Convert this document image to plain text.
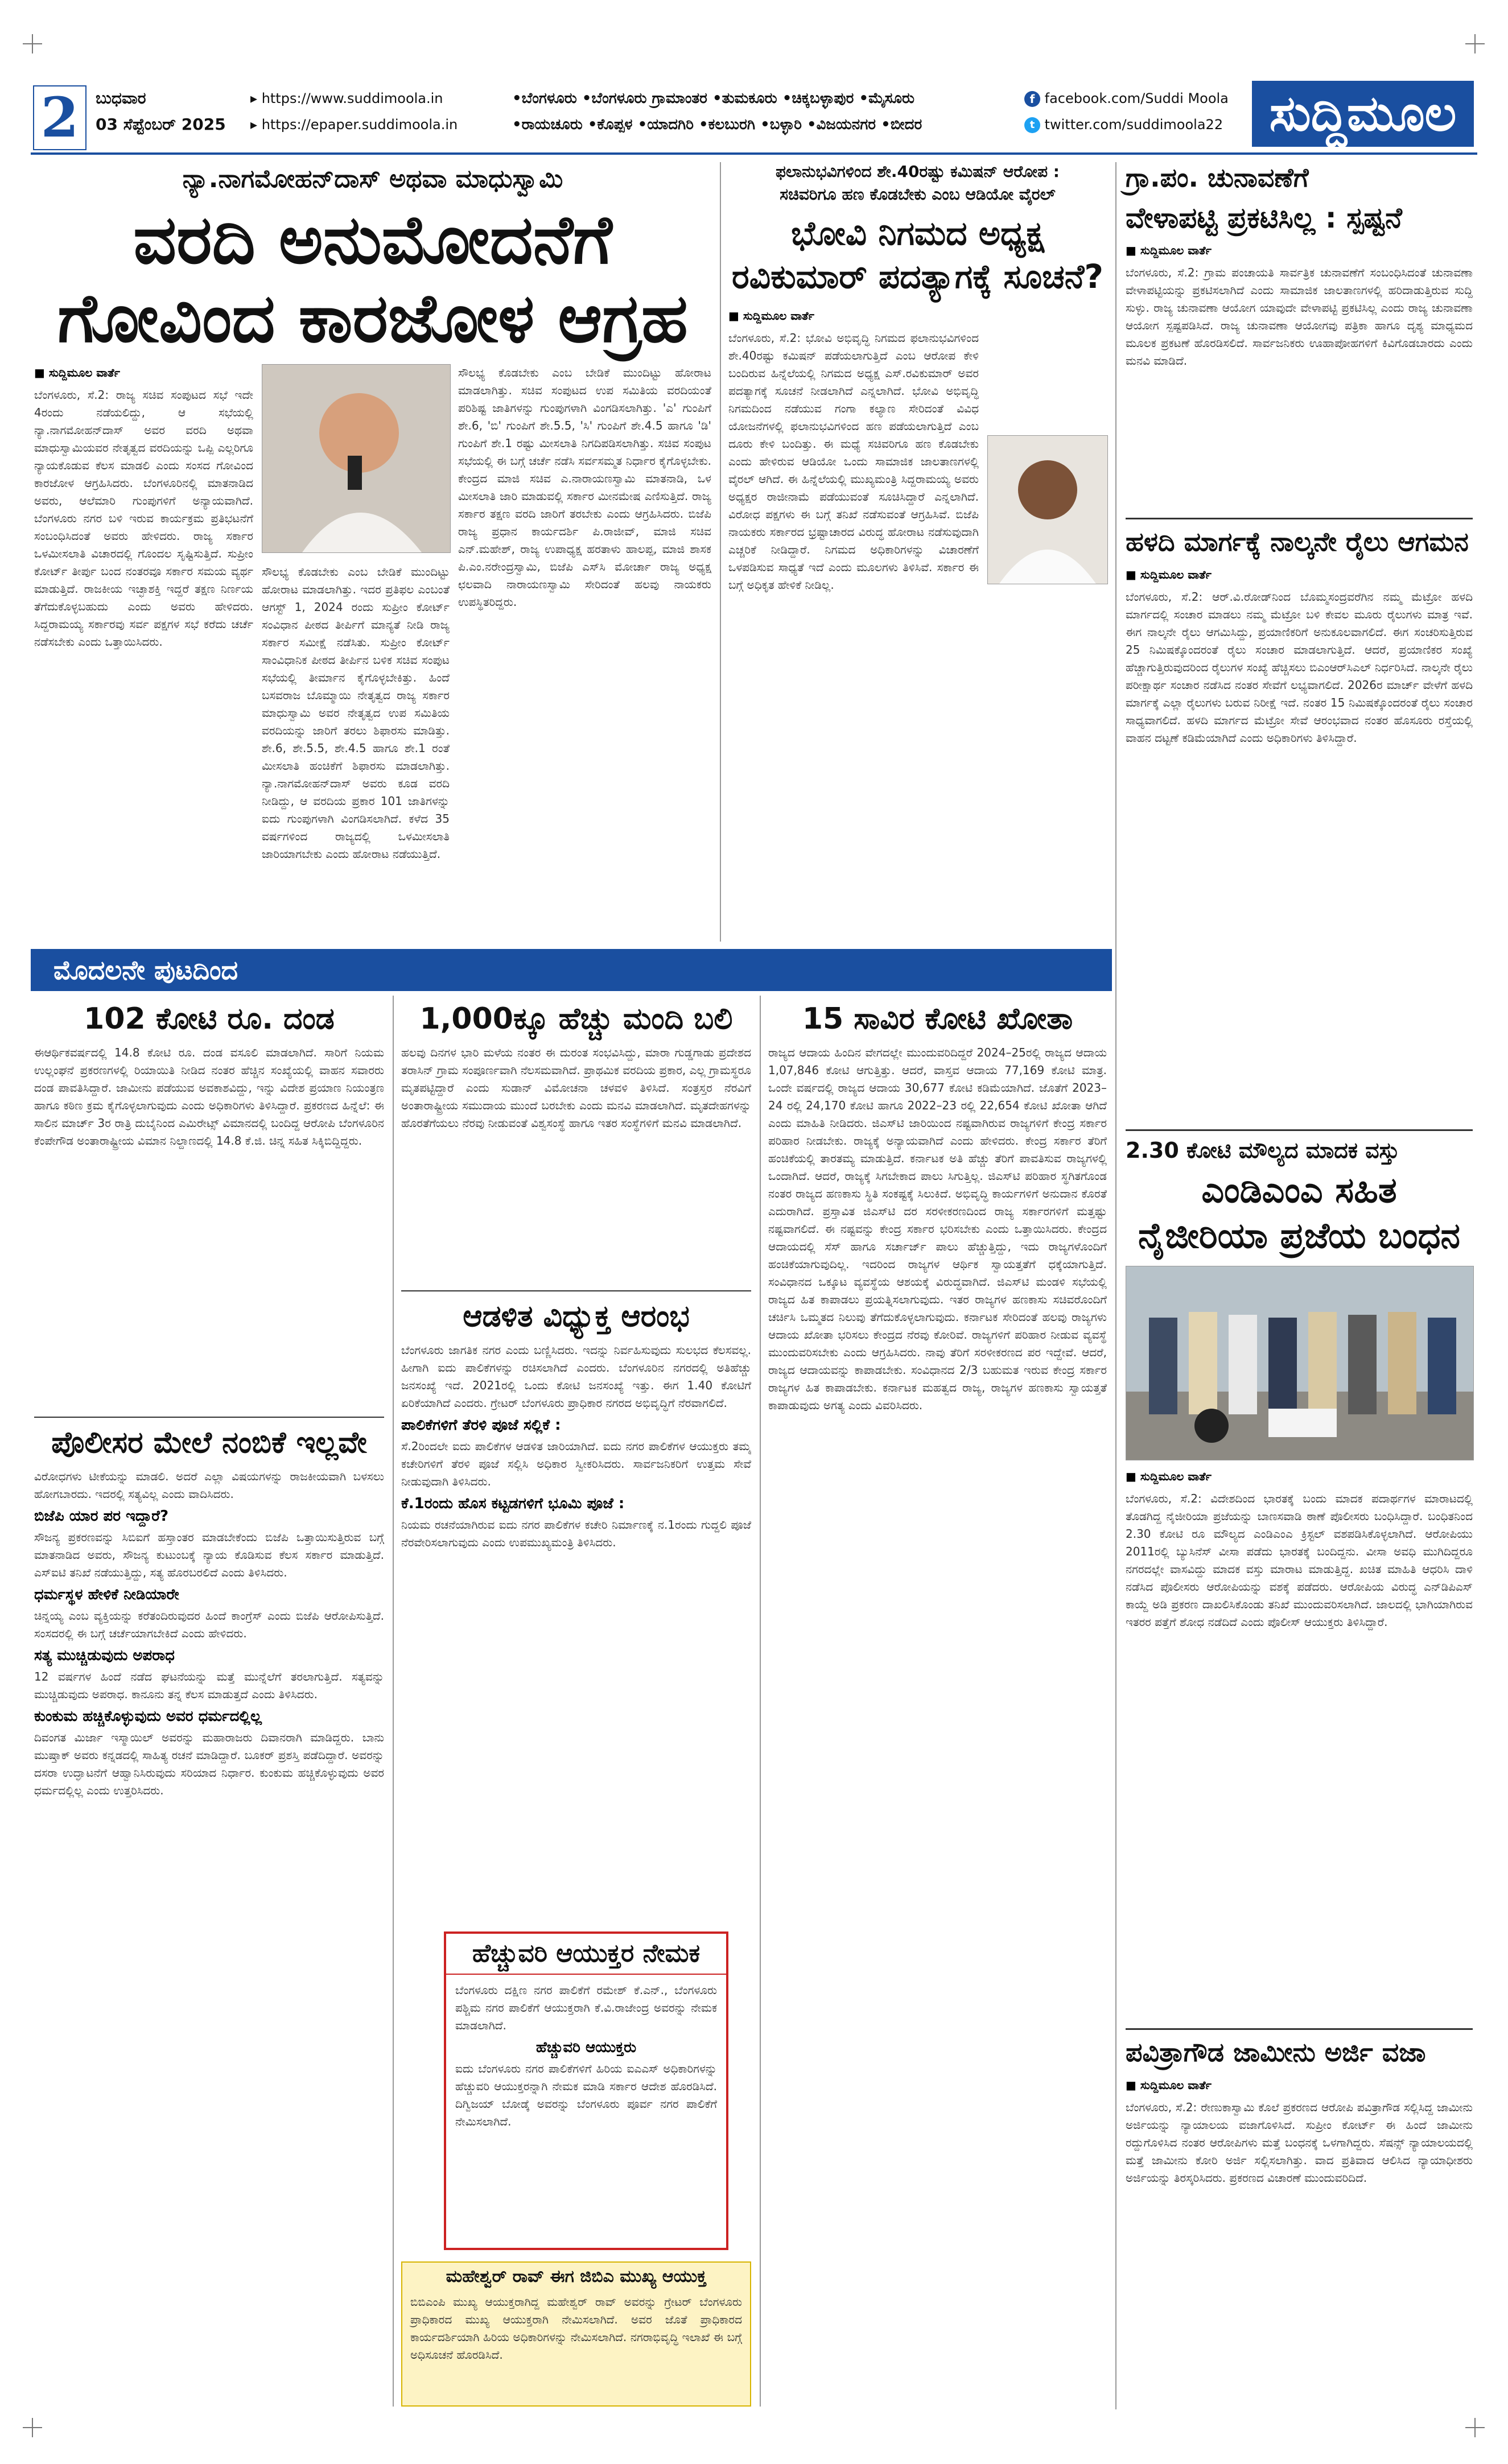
2	ಬುಧವಾರ
03 ಸೆಪ್ಟೆಂಬರ್ 2025
▸ https://www.suddimoola.in
▸ https://epaper.suddimoola.in
•ಬೆಂಗಳೂರು •ಬೆಂಗಳೂರು ಗ್ರಾಮಾಂತರ •ತುಮಕೂರು •ಚಿಕ್ಕಬಳ್ಳಾಪುರ •ಮೈಸೂರು
•ರಾಯಚೂರು •ಕೊಪ್ಪಳ •ಯಾದಗಿರಿ •ಕಲಬುರಗಿ •ಬಳ್ಳಾರಿ •ವಿಜಯನಗರ •ಬೀದರ
f facebook.com/Suddi Moola
t twitter.com/suddimoola22 ಸುದ್ದಿಮೂಲ
ನ್ಯಾ.ನಾಗಮೋಹನ್‌ದಾಸ್ ಅಥವಾ ಮಾಧುಸ್ವಾಮಿ
ವರದಿ ಅನುಮೋದನೆಗೆ
ಗೋವಿಂದ ಕಾರಜೋಳ ಆಗ್ರಹ

■ ಸುದ್ದಿಮೂಲ ವಾರ್ತೆ

ಬೆಂಗಳೂರು, ಸೆ.2: ರಾಜ್ಯ ಸಚಿವ ಸಂಪುಟದ ಸಭೆ ಇದೇ 4ರಂದು ನಡೆಯಲಿದ್ದು, ಆ ಸಭೆಯಲ್ಲಿ ನ್ಯಾ.ನಾಗಮೋಹನ್‌ದಾಸ್ ಅವರ ವರದಿ ಅಥವಾ ಮಾಧುಸ್ವಾಮಿಯವರ ನೇತೃತ್ವದ ವರದಿಯನ್ನು ಒಪ್ಪಿ ಎಲ್ಲರಿಗೂ ನ್ಯಾಯಕೊಡುವ ಕೆಲಸ ಮಾಡಲಿ ಎಂದು ಸಂಸದ ಗೋವಿಂದ ಕಾರಜೋಳ ಆಗ್ರಹಿಸಿದರು. ಬೆಂಗಳೂರಿನಲ್ಲಿ ಮಾತನಾಡಿದ ಅವರು, ಆಲೆಮಾರಿ ಗುಂಪುಗಳಿಗೆ ಅನ್ಯಾಯವಾಗಿದೆ. ಬೆಂಗಳೂರು ನಗರ ಬಳಿ ಇರುವ ಕಾರ್ಯಕ್ರಮ ಪ್ರತಿಭಟನೆಗೆ ಸಂಬಂಧಿಸಿದಂತೆ ಅವರು ಹೇಳಿದರು. ರಾಜ್ಯ ಸರ್ಕಾರ ಒಳಮೀಸಲಾತಿ ವಿಚಾರದಲ್ಲಿ ಗೊಂದಲ ಸೃಷ್ಟಿಸುತ್ತಿದೆ. ಸುಪ್ರೀಂ ಕೋರ್ಟ್ ತೀರ್ಪು ಬಂದ ನಂತರವೂ ಸರ್ಕಾರ ಸಮಯ ವ್ಯರ್ಥ ಮಾಡುತ್ತಿದೆ. ರಾಜಕೀಯ ಇಚ್ಛಾಶಕ್ತಿ ಇದ್ದರೆ ತಕ್ಷಣ ನಿರ್ಣಯ ತೆಗೆದುಕೊಳ್ಳಬಹುದು ಎಂದು ಅವರು ಹೇಳಿದರು. ಸಿದ್ದರಾಮಯ್ಯ ಸರ್ಕಾರವು ಸರ್ವ ಪಕ್ಷಗಳ ಸಭೆ ಕರೆದು ಚರ್ಚೆ ನಡೆಸಬೇಕು ಎಂದು ಒತ್ತಾಯಿಸಿದರು.

ಸೌಲಭ್ಯ ಕೊಡಬೇಕು ಎಂಬ ಬೇಡಿಕೆ ಮುಂದಿಟ್ಟು ಹೋರಾಟ ಮಾಡಲಾಗಿತ್ತು. ಇದರ ಪ್ರತಿಫಲ ಎಂಬಂತೆ ಆಗಸ್ಟ್ 1, 2024 ರಂದು ಸುಪ್ರೀಂ ಕೋರ್ಟ್ ಸಂವಿಧಾನ ಪೀಠದ ತೀರ್ಪಿಗೆ ಮಾನ್ಯತೆ ನೀಡಿ ರಾಜ್ಯ ಸರ್ಕಾರ ಸಮೀಕ್ಷೆ ನಡೆಸಿತು. ಸುಪ್ರೀಂ ಕೋರ್ಟ್ ಸಾಂವಿಧಾನಿಕ ಪೀಠದ ತೀರ್ಪಿನ ಬಳಿಕ ಸಚಿವ ಸಂಪುಟ ಸಭೆಯಲ್ಲಿ ತೀರ್ಮಾನ ಕೈಗೊಳ್ಳಬೇಕಿತ್ತು. ಹಿಂದೆ ಬಸವರಾಜ ಬೊಮ್ಮಾಯಿ ನೇತೃತ್ವದ ರಾಜ್ಯ ಸರ್ಕಾರ ಮಾಧುಸ್ವಾಮಿ ಅವರ ನೇತೃತ್ವದ ಉಪ ಸಮಿತಿಯ ವರದಿಯನ್ನು ಜಾರಿಗೆ ತರಲು ಶಿಫಾರಸು ಮಾಡಿತ್ತು. ಶೇ.6, ಶೇ.5.5, ಶೇ.4.5 ಹಾಗೂ ಶೇ.1 ರಂತೆ ಮೀಸಲಾತಿ ಹಂಚಿಕೆಗೆ ಶಿಫಾರಸು ಮಾಡಲಾಗಿತ್ತು. ನ್ಯಾ.ನಾಗಮೋಹನ್‌ದಾಸ್ ಅವರು ಕೂಡ ವರದಿ ನೀಡಿದ್ದು, ಆ ವರದಿಯ ಪ್ರಕಾರ 101 ಜಾತಿಗಳನ್ನು ಐದು ಗುಂಪುಗಳಾಗಿ ವಿಂಗಡಿಸಲಾಗಿದೆ. ಕಳೆದ 35 ವರ್ಷಗಳಿಂದ ರಾಜ್ಯದಲ್ಲಿ ಒಳಮೀಸಲಾತಿ ಜಾರಿಯಾಗಬೇಕು ಎಂದು ಹೋರಾಟ ನಡೆಯುತ್ತಿದೆ.

ಸೌಲಭ್ಯ ಕೊಡಬೇಕು ಎಂಬ ಬೇಡಿಕೆ ಮುಂದಿಟ್ಟು ಹೋರಾಟ ಮಾಡಲಾಗಿತ್ತು. ಸಚಿವ ಸಂಪುಟದ ಉಪ ಸಮಿತಿಯ ವರದಿಯಂತೆ ಪರಿಶಿಷ್ಟ ಜಾತಿಗಳನ್ನು ಗುಂಪುಗಳಾಗಿ ವಿಂಗಡಿಸಲಾಗಿತ್ತು. 'ಎ' ಗುಂಪಿಗೆ ಶೇ.6, 'ಬಿ' ಗುಂಪಿಗೆ ಶೇ.5.5, 'ಸಿ' ಗುಂಪಿಗೆ ಶೇ.4.5 ಹಾಗೂ 'ಡಿ' ಗುಂಪಿಗೆ ಶೇ.1 ರಷ್ಟು ಮೀಸಲಾತಿ ನಿಗದಿಪಡಿಸಲಾಗಿತ್ತು. ಸಚಿವ ಸಂಪುಟ ಸಭೆಯಲ್ಲಿ ಈ ಬಗ್ಗೆ ಚರ್ಚೆ ನಡೆಸಿ ಸರ್ವಸಮ್ಮತ ನಿರ್ಧಾರ ಕೈಗೊಳ್ಳಬೇಕು. ಕೇಂದ್ರದ ಮಾಜಿ ಸಚಿವ ಎ.ನಾರಾಯಣಸ್ವಾಮಿ ಮಾತನಾಡಿ, ಒಳ ಮೀಸಲಾತಿ ಜಾರಿ ಮಾಡುವಲ್ಲಿ ಸರ್ಕಾರ ಮೀನಮೇಷ ಎಣಿಸುತ್ತಿದೆ. ರಾಜ್ಯ ಸರ್ಕಾರ ತಕ್ಷಣ ವರದಿ ಜಾರಿಗೆ ತರಬೇಕು ಎಂದು ಆಗ್ರಹಿಸಿದರು. ಬಿಜೆಪಿ ರಾಜ್ಯ ಪ್ರಧಾನ ಕಾರ್ಯದರ್ಶಿ ಪಿ.ರಾಜೀವ್, ಮಾಜಿ ಸಚಿವ ಎನ್.ಮಹೇಶ್, ರಾಜ್ಯ ಉಪಾಧ್ಯಕ್ಷ ಹರತಾಳು ಹಾಲಪ್ಪ, ಮಾಜಿ ಶಾಸಕ ಪಿ.ಎಂ.ನರೇಂದ್ರಸ್ವಾಮಿ, ಬಿಜೆಪಿ ಎಸ್‌ಸಿ ಮೋರ್ಚಾ ರಾಜ್ಯ ಅಧ್ಯಕ್ಷ ಛಲವಾದಿ ನಾರಾಯಣಸ್ವಾಮಿ ಸೇರಿದಂತೆ ಹಲವು ನಾಯಕರು ಉಪಸ್ಥಿತರಿದ್ದರು.

ಫಲಾನುಭವಿಗಳಿಂದ ಶೇ.40ರಷ್ಟು ಕಮಿಷನ್ ಆರೋಪ :
ಸಚಿವರಿಗೂ ಹಣ ಕೊಡಬೇಕು ಎಂಬ ಆಡಿಯೋ ವೈರಲ್
ಭೋವಿ ನಿಗಮದ ಅಧ್ಯಕ್ಷ
ರವಿಕುಮಾರ್ ಪದತ್ಯಾಗಕ್ಕೆ ಸೂಚನೆ?

■ ಸುದ್ದಿಮೂಲ ವಾರ್ತೆ

ಬೆಂಗಳೂರು, ಸೆ.2: ಭೋವಿ ಅಭಿವೃದ್ಧಿ ನಿಗಮದ ಫಲಾನುಭವಿಗಳಿಂದ ಶೇ.40ರಷ್ಟು ಕಮಿಷನ್ ಪಡೆಯಲಾಗುತ್ತಿದೆ ಎಂಬ ಆರೋಪ ಕೇಳಿ ಬಂದಿರುವ ಹಿನ್ನೆಲೆಯಲ್ಲಿ ನಿಗಮದ ಅಧ್ಯಕ್ಷ ಎಸ್.ರವಿಕುಮಾರ್ ಅವರ ಪದತ್ಯಾಗಕ್ಕೆ ಸೂಚನೆ ನೀಡಲಾಗಿದೆ ಎನ್ನಲಾಗಿದೆ. ಭೋವಿ ಅಭಿವೃದ್ಧಿ ನಿಗಮದಿಂದ ನಡೆಯುವ ಗಂಗಾ ಕಲ್ಯಾಣ ಸೇರಿದಂತೆ ವಿವಿಧ ಯೋಜನೆಗಳಲ್ಲಿ ಫಲಾನುಭವಿಗಳಿಂದ ಹಣ ಪಡೆಯಲಾಗುತ್ತಿದೆ ಎಂಬ ದೂರು ಕೇಳಿ ಬಂದಿತ್ತು. ಈ ಮಧ್ಯೆ ಸಚಿವರಿಗೂ ಹಣ ಕೊಡಬೇಕು ಎಂದು ಹೇಳಿರುವ ಆಡಿಯೋ ಒಂದು ಸಾಮಾಜಿಕ ಜಾಲತಾಣಗಳಲ್ಲಿ ವೈರಲ್ ಆಗಿದೆ. ಈ ಹಿನ್ನೆಲೆಯಲ್ಲಿ ಮುಖ್ಯಮಂತ್ರಿ ಸಿದ್ದರಾಮಯ್ಯ ಅವರು ಅಧ್ಯಕ್ಷರ ರಾಜೀನಾಮೆ ಪಡೆಯುವಂತೆ ಸೂಚಿಸಿದ್ದಾರೆ ಎನ್ನಲಾಗಿದೆ. ವಿರೋಧ ಪಕ್ಷಗಳು ಈ ಬಗ್ಗೆ ತನಿಖೆ ನಡೆಸುವಂತೆ ಆಗ್ರಹಿಸಿವೆ. ಬಿಜೆಪಿ ನಾಯಕರು ಸರ್ಕಾರದ ಭ್ರಷ್ಟಾಚಾರದ ವಿರುದ್ಧ ಹೋರಾಟ ನಡೆಸುವುದಾಗಿ ಎಚ್ಚರಿಕೆ ನೀಡಿದ್ದಾರೆ. ನಿಗಮದ ಅಧಿಕಾರಿಗಳನ್ನು ವಿಚಾರಣೆಗೆ ಒಳಪಡಿಸುವ ಸಾಧ್ಯತೆ ಇದೆ ಎಂದು ಮೂಲಗಳು ತಿಳಿಸಿವೆ. ಸರ್ಕಾರ ಈ ಬಗ್ಗೆ ಅಧಿಕೃತ ಹೇಳಿಕೆ ನೀಡಿಲ್ಲ.

ಗ್ರಾ.ಪಂ. ಚುನಾವಣೆಗೆ
ವೇಳಾಪಟ್ಟಿ ಪ್ರಕಟಿಸಿಲ್ಲ : ಸ್ಪಷ್ಟನೆ

■ ಸುದ್ದಿಮೂಲ ವಾರ್ತೆ

ಬೆಂಗಳೂರು, ಸೆ.2: ಗ್ರಾಮ ಪಂಚಾಯತಿ ಸಾರ್ವತ್ರಿಕ ಚುನಾವಣೆಗೆ ಸಂಬಂಧಿಸಿದಂತೆ ಚುನಾವಣಾ ವೇಳಾಪಟ್ಟಿಯನ್ನು ಪ್ರಕಟಿಸಲಾಗಿದೆ ಎಂದು ಸಾಮಾಜಿಕ ಜಾಲತಾಣಗಳಲ್ಲಿ ಹರಿದಾಡುತ್ತಿರುವ ಸುದ್ದಿ ಸುಳ್ಳು. ರಾಜ್ಯ ಚುನಾವಣಾ ಆಯೋಗ ಯಾವುದೇ ವೇಳಾಪಟ್ಟಿ ಪ್ರಕಟಿಸಿಲ್ಲ ಎಂದು ರಾಜ್ಯ ಚುನಾವಣಾ ಆಯೋಗ ಸ್ಪಷ್ಟಪಡಿಸಿದೆ. ರಾಜ್ಯ ಚುನಾವಣಾ ಆಯೋಗವು ಪತ್ರಿಕಾ ಹಾಗೂ ದೃಶ್ಯ ಮಾಧ್ಯಮದ ಮೂಲಕ ಪ್ರಕಟಣೆ ಹೊರಡಿಸಲಿದೆ. ಸಾರ್ವಜನಿಕರು ಊಹಾಪೋಹಗಳಿಗೆ ಕಿವಿಗೊಡಬಾರದು ಎಂದು ಮನವಿ ಮಾಡಿದೆ.

ಹಳದಿ ಮಾರ್ಗಕ್ಕೆ ನಾಲ್ಕನೇ ರೈಲು ಆಗಮನ

■ ಸುದ್ದಿಮೂಲ ವಾರ್ತೆ

ಬೆಂಗಳೂರು, ಸೆ.2: ಆರ್.ವಿ.ರೋಡ್‌ನಿಂದ ಬೊಮ್ಮಸಂದ್ರವರೆಗಿನ ನಮ್ಮ ಮೆಟ್ರೋ ಹಳದಿ ಮಾರ್ಗದಲ್ಲಿ ಸಂಚಾರ ಮಾಡಲು ನಮ್ಮ ಮೆಟ್ರೋ ಬಳಿ ಕೇವಲ ಮೂರು ರೈಲುಗಳು ಮಾತ್ರ ಇವೆ. ಈಗ ನಾಲ್ಕನೇ ರೈಲು ಆಗಮಿಸಿದ್ದು, ಪ್ರಯಾಣಿಕರಿಗೆ ಅನುಕೂಲವಾಗಲಿದೆ. ಈಗ ಸಂಚರಿಸುತ್ತಿರುವ 25 ನಿಮಿಷಕ್ಕೊಂದರಂತೆ ರೈಲು ಸಂಚಾರ ಮಾಡಲಾಗುತ್ತಿದೆ. ಆದರೆ, ಪ್ರಯಾಣಿಕರ ಸಂಖ್ಯೆ ಹೆಚ್ಚಾಗುತ್ತಿರುವುದರಿಂದ ರೈಲುಗಳ ಸಂಖ್ಯೆ ಹೆಚ್ಚಿಸಲು ಬಿಎಂಆರ್‌ಸಿಎಲ್ ನಿರ್ಧರಿಸಿದೆ. ನಾಲ್ಕನೇ ರೈಲು ಪರೀಕ್ಷಾರ್ಥ ಸಂಚಾರ ನಡೆಸಿದ ನಂತರ ಸೇವೆಗೆ ಲಭ್ಯವಾಗಲಿದೆ. 2026ರ ಮಾರ್ಚ್ ವೇಳೆಗೆ ಹಳದಿ ಮಾರ್ಗಕ್ಕೆ ಎಲ್ಲಾ ರೈಲುಗಳು ಬರುವ ನಿರೀಕ್ಷೆ ಇದೆ. ನಂತರ 15 ನಿಮಿಷಕ್ಕೊಂದರಂತೆ ರೈಲು ಸಂಚಾರ ಸಾಧ್ಯವಾಗಲಿದೆ. ಹಳದಿ ಮಾರ್ಗದ ಮೆಟ್ರೋ ಸೇವೆ ಆರಂಭವಾದ ನಂತರ ಹೊಸೂರು ರಸ್ತೆಯಲ್ಲಿ ವಾಹನ ದಟ್ಟಣೆ ಕಡಿಮೆಯಾಗಿದೆ ಎಂದು ಅಧಿಕಾರಿಗಳು ತಿಳಿಸಿದ್ದಾರೆ.

2.30 ಕೋಟಿ ಮೌಲ್ಯದ ಮಾದಕ ವಸ್ತು
ಎಂಡಿಎಂಎ ಸಹಿತ
ನೈಜೀರಿಯಾ ಪ್ರಜೆಯ ಬಂಧನ

■ ಸುದ್ದಿಮೂಲ ವಾರ್ತೆ

ಬೆಂಗಳೂರು, ಸೆ.2: ವಿದೇಶದಿಂದ ಭಾರತಕ್ಕೆ ಬಂದು ಮಾದಕ ಪದಾರ್ಥಗಳ ಮಾರಾಟದಲ್ಲಿ ತೊಡಗಿದ್ದ ನೈಜೀರಿಯಾ ಪ್ರಜೆಯನ್ನು ಬಾಣಸವಾಡಿ ಠಾಣೆ ಪೊಲೀಸರು ಬಂಧಿಸಿದ್ದಾರೆ. ಬಂಧಿತನಿಂದ 2.30 ಕೋಟಿ ರೂ ಮೌಲ್ಯದ ಎಂಡಿಎಂಎ ಕ್ರಿಸ್ಟಲ್ ವಶಪಡಿಸಿಕೊಳ್ಳಲಾಗಿದೆ. ಆರೋಪಿಯು 2011ರಲ್ಲಿ ಬ್ಯುಸಿನೆಸ್ ವೀಸಾ ಪಡೆದು ಭಾರತಕ್ಕೆ ಬಂದಿದ್ದನು. ವೀಸಾ ಅವಧಿ ಮುಗಿದಿದ್ದರೂ ನಗರದಲ್ಲೇ ವಾಸವಿದ್ದು ಮಾದಕ ವಸ್ತು ಮಾರಾಟ ಮಾಡುತ್ತಿದ್ದ. ಖಚಿತ ಮಾಹಿತಿ ಆಧರಿಸಿ ದಾಳಿ ನಡೆಸಿದ ಪೊಲೀಸರು ಆರೋಪಿಯನ್ನು ವಶಕ್ಕೆ ಪಡೆದರು. ಆರೋಪಿಯ ವಿರುದ್ಧ ಎನ್‌ಡಿಪಿಎಸ್ ಕಾಯ್ದೆ ಅಡಿ ಪ್ರಕರಣ ದಾಖಲಿಸಿಕೊಂಡು ತನಿಖೆ ಮುಂದುವರಿಸಲಾಗಿದೆ. ಜಾಲದಲ್ಲಿ ಭಾಗಿಯಾಗಿರುವ ಇತರರ ಪತ್ತೆಗೆ ಶೋಧ ನಡೆದಿದೆ ಎಂದು ಪೊಲೀಸ್ ಆಯುಕ್ತರು ತಿಳಿಸಿದ್ದಾರೆ.

ಪವಿತ್ರಾಗೌಡ ಜಾಮೀನು ಅರ್ಜಿ ವಜಾ

■ ಸುದ್ದಿಮೂಲ ವಾರ್ತೆ

ಬೆಂಗಳೂರು, ಸೆ.2: ರೇಣುಕಾಸ್ವಾಮಿ ಕೊಲೆ ಪ್ರಕರಣದ ಆರೋಪಿ ಪವಿತ್ರಾಗೌಡ ಸಲ್ಲಿಸಿದ್ದ ಜಾಮೀನು ಅರ್ಜಿಯನ್ನು ನ್ಯಾಯಾಲಯ ವಜಾಗೊಳಿಸಿದೆ. ಸುಪ್ರೀಂ ಕೋರ್ಟ್ ಈ ಹಿಂದೆ ಜಾಮೀನು ರದ್ದುಗೊಳಿಸಿದ ನಂತರ ಆರೋಪಿಗಳು ಮತ್ತೆ ಬಂಧನಕ್ಕೆ ಒಳಗಾಗಿದ್ದರು. ಸೆಷನ್ಸ್ ನ್ಯಾಯಾಲಯದಲ್ಲಿ ಮತ್ತೆ ಜಾಮೀನು ಕೋರಿ ಅರ್ಜಿ ಸಲ್ಲಿಸಲಾಗಿತ್ತು. ವಾದ ಪ್ರತಿವಾದ ಆಲಿಸಿದ ನ್ಯಾಯಾಧೀಶರು ಅರ್ಜಿಯನ್ನು ತಿರಸ್ಕರಿಸಿದರು. ಪ್ರಕರಣದ ವಿಚಾರಣೆ ಮುಂದುವರಿದಿದೆ.

ಮೊದಲನೇ ಪುಟದಿಂದ
102 ಕೋಟಿ ರೂ. ದಂಡ

ಈಆರ್ಥಿಕವರ್ಷದಲ್ಲಿ 14.8 ಕೋಟಿ ರೂ. ದಂಡ ವಸೂಲಿ ಮಾಡಲಾಗಿದೆ. ಸಾರಿಗೆ ನಿಯಮ ಉಲ್ಲಂಘನೆ ಪ್ರಕರಣಗಳಲ್ಲಿ ರಿಯಾಯಿತಿ ನೀಡಿದ ನಂತರ ಹೆಚ್ಚಿನ ಸಂಖ್ಯೆಯಲ್ಲಿ ವಾಹನ ಸವಾರರು ದಂಡ ಪಾವತಿಸಿದ್ದಾರೆ. ಜಾಮೀನು ಪಡೆಯುವ ಅವಕಾಶವಿದ್ದು, ಇನ್ನು ವಿದೇಶ ಪ್ರಯಾಣ ನಿಯಂತ್ರಣ ಹಾಗೂ ಕಠಿಣ ಕ್ರಮ ಕೈಗೊಳ್ಳಲಾಗುವುದು ಎಂದು ಅಧಿಕಾರಿಗಳು ತಿಳಿಸಿದ್ದಾರೆ. ಪ್ರಕರಣದ ಹಿನ್ನೆಲೆ: ಈ ಸಾಲಿನ ಮಾರ್ಚ್ 3ರ ರಾತ್ರಿ ದುಬೈನಿಂದ ಎಮಿರೇಟ್ಸ್ ವಿಮಾನದಲ್ಲಿ ಬಂದಿದ್ದ ಆರೋಪಿ ಬೆಂಗಳೂರಿನ ಕೆಂಪೇಗೌಡ ಅಂತಾರಾಷ್ಟ್ರೀಯ ವಿಮಾನ ನಿಲ್ದಾಣದಲ್ಲಿ 14.8 ಕೆ.ಜಿ. ಚಿನ್ನ ಸಹಿತ ಸಿಕ್ಕಿಬಿದ್ದಿದ್ದರು.

ಪೊಲೀಸರ ಮೇಲೆ ನಂಬಿಕೆ ಇಲ್ಲವೇ

ವಿರೋಧಗಳು ಟೀಕೆಯನ್ನು ಮಾಡಲಿ. ಅದರೆ ಎಲ್ಲಾ ವಿಷಯಗಳನ್ನು ರಾಜಕೀಯವಾಗಿ ಬಳಸಲು ಹೋಗಬಾರದು. ಇದರಲ್ಲಿ ಸತ್ಯವಿಲ್ಲ ಎಂದು ವಾದಿಸಿದರು.

ಬಿಜೆಪಿ ಯಾರ ಪರ ಇದ್ದಾರೆ?

ಸೌಜನ್ಯ ಪ್ರಕರಣವನ್ನು ಸಿಬಿಐಗೆ ಹಸ್ತಾಂತರ ಮಾಡಬೇಕೆಂದು ಬಿಜೆಪಿ ಒತ್ತಾಯಿಸುತ್ತಿರುವ ಬಗ್ಗೆ ಮಾತನಾಡಿದ ಅವರು, ಸೌಜನ್ಯ ಕುಟುಂಬಕ್ಕೆ ನ್ಯಾಯ ಕೊಡಿಸುವ ಕೆಲಸ ಸರ್ಕಾರ ಮಾಡುತ್ತಿದೆ. ಎಸ್ಐಟಿ ತನಿಖೆ ನಡೆಯುತ್ತಿದ್ದು, ಸತ್ಯ ಹೊರಬರಲಿದೆ ಎಂದು ತಿಳಿಸಿದರು.

ಧರ್ಮಸ್ಥಳ ಹೇಳಿಕೆ ನೀಡಿಯಾರೇ

ಚಿನ್ನಯ್ಯ ಎಂಬ ವ್ಯಕ್ತಿಯನ್ನು ಕರೆತಂದಿರುವುದರ ಹಿಂದೆ ಕಾಂಗ್ರೆಸ್ ಎಂದು ಬಿಜೆಪಿ ಆರೋಪಿಸುತ್ತಿದೆ. ಸಂಸದರಲ್ಲಿ ಈ ಬಗ್ಗೆ ಚರ್ಚೆಯಾಗಬೇಕಿದೆ ಎಂದು ಹೇಳಿದರು.

ಸತ್ಯ ಮುಚ್ಚಿಡುವುದು ಅಪರಾಧ

12 ವರ್ಷಗಳ ಹಿಂದೆ ನಡೆದ ಘಟನೆಯನ್ನು ಮತ್ತೆ ಮುನ್ನೆಲೆಗೆ ತರಲಾಗುತ್ತಿದೆ. ಸತ್ಯವನ್ನು ಮುಚ್ಚಿಡುವುದು ಅಪರಾಧ. ಕಾನೂನು ತನ್ನ ಕೆಲಸ ಮಾಡುತ್ತದೆ ಎಂದು ತಿಳಿಸಿದರು.

ಕುಂಕುಮ ಹಚ್ಚಿಕೊಳ್ಳುವುದು ಅವರ ಧರ್ಮದಲ್ಲಿಲ್ಲ

ದಿವಂಗತ ಮಿರ್ಜಾ ಇಸ್ಮಾಯಿಲ್ ಅವರನ್ನು ಮಹಾರಾಜರು ದಿವಾನರಾಗಿ ಮಾಡಿದ್ದರು. ಬಾನು ಮುಷ್ತಾಕ್ ಅವರು ಕನ್ನಡದಲ್ಲಿ ಸಾಹಿತ್ಯ ರಚನೆ ಮಾಡಿದ್ದಾರೆ. ಬೂಕರ್ ಪ್ರಶಸ್ತಿ ಪಡೆದಿದ್ದಾರೆ. ಅವರನ್ನು ದಸರಾ ಉದ್ಘಾಟನೆಗೆ ಆಹ್ವಾನಿಸಿರುವುದು ಸರಿಯಾದ ನಿರ್ಧಾರ. ಕುಂಕುಮ ಹಚ್ಚಿಕೊಳ್ಳುವುದು ಅವರ ಧರ್ಮದಲ್ಲಿಲ್ಲ ಎಂದು ಉತ್ತರಿಸಿದರು.

1,000ಕ್ಕೂ ಹೆಚ್ಚು ಮಂದಿ ಬಲಿ

ಹಲವು ದಿನಗಳ ಭಾರಿ ಮಳೆಯ ನಂತರ ಈ ದುರಂತ ಸಂಭವಿಸಿದ್ದು, ಮಾರಾ ಗುಡ್ಡಗಾಡು ಪ್ರದೇಶದ ತರಾಸಿನ್ ಗ್ರಾಮ ಸಂಪೂರ್ಣವಾಗಿ ನೆಲಸಮವಾಗಿದೆ. ಪ್ರಾಥಮಿಕ ವರದಿಯ ಪ್ರಕಾರ, ಎಲ್ಲ ಗ್ರಾಮಸ್ಥರೂ ಮೃತಪಟ್ಟಿದ್ದಾರೆ ಎಂದು ಸುಡಾನ್ ವಿಮೋಚನಾ ಚಳವಳಿ ತಿಳಿಸಿದೆ. ಸಂತ್ರಸ್ತರ ನೆರವಿಗೆ ಅಂತಾರಾಷ್ಟ್ರೀಯ ಸಮುದಾಯ ಮುಂದೆ ಬರಬೇಕು ಎಂದು ಮನವಿ ಮಾಡಲಾಗಿದೆ. ಮೃತದೇಹಗಳನ್ನು ಹೊರತೆಗೆಯಲು ನೆರವು ನೀಡುವಂತೆ ವಿಶ್ವಸಂಸ್ಥೆ ಹಾಗೂ ಇತರ ಸಂಸ್ಥೆಗಳಿಗೆ ಮನವಿ ಮಾಡಲಾಗಿದೆ.

ಆಡಳಿತ ವಿಧ್ಯುಕ್ತ ಆರಂಭ

ಬೆಂಗಳೂರು ಜಾಗತಿಕ ನಗರ ಎಂದು ಬಣ್ಣಿಸಿದರು. ಇದನ್ನು ನಿರ್ವಹಿಸುವುದು ಸುಲಭದ ಕೆಲಸವಲ್ಲ. ಹೀಗಾಗಿ ಐದು ಪಾಲಿಕೆಗಳನ್ನು ರಚಿಸಲಾಗಿದೆ ಎಂದರು. ಬೆಂಗಳೂರಿನ ನಗರದಲ್ಲಿ ಅತಿಹೆಚ್ಚು ಜನಸಂಖ್ಯೆ ಇದೆ. 2021ರಲ್ಲಿ ಒಂದು ಕೋಟಿ ಜನಸಂಖ್ಯೆ ಇತ್ತು. ಈಗ 1.40 ಕೋಟಿಗೆ ಏರಿಕೆಯಾಗಿದೆ ಎಂದರು. ಗ್ರೇಟರ್ ಬೆಂಗಳೂರು ಪ್ರಾಧಿಕಾರ ನಗರದ ಅಭಿವೃದ್ಧಿಗೆ ನೆರವಾಗಲಿದೆ.

ಪಾಲಿಕೆಗಳಿಗೆ ತೆರಳಿ ಪೂಜೆ ಸಲ್ಲಿಕೆ :

ಸೆ.2ರಿಂದಲೇ ಐದು ಪಾಲಿಕೆಗಳ ಆಡಳಿತ ಜಾರಿಯಾಗಿದೆ. ಐದು ನಗರ ಪಾಲಿಕೆಗಳ ಆಯುಕ್ತರು ತಮ್ಮ ಕಚೇರಿಗಳಿಗೆ ತೆರಳಿ ಪೂಜೆ ಸಲ್ಲಿಸಿ ಅಧಿಕಾರ ಸ್ವೀಕರಿಸಿದರು. ಸಾರ್ವಜನಿಕರಿಗೆ ಉತ್ತಮ ಸೇವೆ ನೀಡುವುದಾಗಿ ತಿಳಿಸಿದರು.

ಕೆ.1ರಂದು ಹೊಸ ಕಟ್ಟಡಗಳಿಗೆ ಭೂಮಿ ಪೂಜೆ :

ನಿಯಮ ರಚನೆಯಾಗಿರುವ ಐದು ನಗರ ಪಾಲಿಕೆಗಳ ಕಚೇರಿ ನಿರ್ಮಾಣಕ್ಕೆ ನ.1ರಂದು ಗುದ್ದಲಿ ಪೂಜೆ ನೆರವೇರಿಸಲಾಗುವುದು ಎಂದು ಉಪಮುಖ್ಯಮಂತ್ರಿ ತಿಳಿಸಿದರು.

ಹೆಚ್ಚುವರಿ ಆಯುಕ್ತರ ನೇಮಕ

ಬೆಂಗಳೂರು ದಕ್ಷಿಣ ನಗರ ಪಾಲಿಕೆಗೆ ರಮೇಶ್ ಕೆ.ಎನ್., ಬೆಂಗಳೂರು ಪಶ್ಚಿಮ ನಗರ ಪಾಲಿಕೆಗೆ ಆಯುಕ್ತರಾಗಿ ಕೆ.ವಿ.ರಾಜೇಂದ್ರ ಅವರನ್ನು ನೇಮಕ ಮಾಡಲಾಗಿದೆ.

ಹೆಚ್ಚುವರಿ ಆಯುಕ್ತರು

ಐದು ಬೆಂಗಳೂರು ನಗರ ಪಾಲಿಕೆಗಳಿಗೆ ಹಿರಿಯ ಐಎಎಸ್ ಅಧಿಕಾರಿಗಳನ್ನು ಹೆಚ್ಚುವರಿ ಆಯುಕ್ತರನ್ನಾಗಿ ನೇಮಕ ಮಾಡಿ ಸರ್ಕಾರ ಆದೇಶ ಹೊರಡಿಸಿದೆ. ದಿಗ್ವಿಜಯ್ ಬೋಡ್ಕೆ ಅವರನ್ನು ಬೆಂಗಳೂರು ಪೂರ್ವ ನಗರ ಪಾಲಿಕೆಗೆ ನೇಮಿಸಲಾಗಿದೆ.

ಮಹೇಶ್ವರ್ ರಾವ್ ಈಗ ಜಿಬಿಎ ಮುಖ್ಯ ಆಯುಕ್ತ

ಬಿಬಿಎಂಪಿ ಮುಖ್ಯ ಆಯುಕ್ತರಾಗಿದ್ದ ಮಹೇಶ್ವರ್ ರಾವ್ ಅವರನ್ನು ಗ್ರೇಟರ್ ಬೆಂಗಳೂರು ಪ್ರಾಧಿಕಾರದ ಮುಖ್ಯ ಆಯುಕ್ತರಾಗಿ ನೇಮಿಸಲಾಗಿದೆ. ಅವರ ಜೊತೆ ಪ್ರಾಧಿಕಾರದ ಕಾರ್ಯದರ್ಶಿಯಾಗಿ ಹಿರಿಯ ಅಧಿಕಾರಿಗಳನ್ನು ನೇಮಿಸಲಾಗಿದೆ. ನಗರಾಭಿವೃದ್ಧಿ ಇಲಾಖೆ ಈ ಬಗ್ಗೆ ಅಧಿಸೂಚನೆ ಹೊರಡಿಸಿದೆ.

15 ಸಾವಿರ ಕೋಟಿ ಖೋತಾ

ರಾಜ್ಯದ ಆದಾಯ ಹಿಂದಿನ ವೇಗದಲ್ಲೇ ಮುಂದುವರಿದಿದ್ದರೆ 2024–25ರಲ್ಲಿ ರಾಜ್ಯದ ಆದಾಯ 1,07,846 ಕೋಟಿ ಆಗುತ್ತಿತ್ತು. ಆದರೆ, ವಾಸ್ತವ ಆದಾಯ 77,169 ಕೋಟಿ ಮಾತ್ರ. ಒಂದೇ ವರ್ಷದಲ್ಲಿ ರಾಜ್ಯದ ಆದಾಯ 30,677 ಕೋಟಿ ಕಡಿಮೆಯಾಗಿದೆ. ಜೊತೆಗೆ 2023–24 ರಲ್ಲಿ 24,170 ಕೋಟಿ ಹಾಗೂ 2022–23 ರಲ್ಲಿ 22,654 ಕೋಟಿ ಖೋತಾ ಆಗಿದೆ ಎಂದು ಮಾಹಿತಿ ನೀಡಿದರು. ಜಿಎಸ್‌ಟಿ ಜಾರಿಯಿಂದ ನಷ್ಟವಾಗಿರುವ ರಾಜ್ಯಗಳಿಗೆ ಕೇಂದ್ರ ಸರ್ಕಾರ ಪರಿಹಾರ ನೀಡಬೇಕು. ರಾಜ್ಯಕ್ಕೆ ಅನ್ಯಾಯವಾಗಿದೆ ಎಂದು ಹೇಳಿದರು. ಕೇಂದ್ರ ಸರ್ಕಾರ ತೆರಿಗೆ ಹಂಚಿಕೆಯಲ್ಲಿ ತಾರತಮ್ಯ ಮಾಡುತ್ತಿದೆ. ಕರ್ನಾಟಕ ಅತಿ ಹೆಚ್ಚು ತೆರಿಗೆ ಪಾವತಿಸುವ ರಾಜ್ಯಗಳಲ್ಲಿ ಒಂದಾಗಿದೆ. ಆದರೆ, ರಾಜ್ಯಕ್ಕೆ ಸಿಗಬೇಕಾದ ಪಾಲು ಸಿಗುತ್ತಿಲ್ಲ. ಜಿಎಸ್‌ಟಿ ಪರಿಹಾರ ಸ್ಥಗಿತಗೊಂಡ ನಂತರ ರಾಜ್ಯದ ಹಣಕಾಸು ಸ್ಥಿತಿ ಸಂಕಷ್ಟಕ್ಕೆ ಸಿಲುಕಿದೆ. ಅಭಿವೃದ್ಧಿ ಕಾರ್ಯಗಳಿಗೆ ಅನುದಾನ ಕೊರತೆ ಎದುರಾಗಿದೆ. ಪ್ರಸ್ತಾವಿತ ಜಿಎಸ್‌ಟಿ ದರ ಸರಳೀಕರಣದಿಂದ ರಾಜ್ಯ ಸರ್ಕಾರಗಳಿಗೆ ಮತ್ತಷ್ಟು ನಷ್ಟವಾಗಲಿದೆ. ಈ ನಷ್ಟವನ್ನು ಕೇಂದ್ರ ಸರ್ಕಾರ ಭರಿಸಬೇಕು ಎಂದು ಒತ್ತಾಯಿಸಿದರು. ಕೇಂದ್ರದ ಆದಾಯದಲ್ಲಿ ಸೆಸ್ ಹಾಗೂ ಸರ್ಚಾರ್ಜ್ ಪಾಲು ಹೆಚ್ಚುತ್ತಿದ್ದು, ಇದು ರಾಜ್ಯಗಳೊಂದಿಗೆ ಹಂಚಿಕೆಯಾಗುವುದಿಲ್ಲ. ಇದರಿಂದ ರಾಜ್ಯಗಳ ಆರ್ಥಿಕ ಸ್ವಾಯತ್ತತೆಗೆ ಧಕ್ಕೆಯಾಗುತ್ತಿದೆ. ಸಂವಿಧಾನದ ಒಕ್ಕೂಟ ವ್ಯವಸ್ಥೆಯ ಆಶಯಕ್ಕೆ ವಿರುದ್ಧವಾಗಿದೆ. ಜಿಎಸ್‌ಟಿ ಮಂಡಳಿ ಸಭೆಯಲ್ಲಿ ರಾಜ್ಯದ ಹಿತ ಕಾಪಾಡಲು ಪ್ರಯತ್ನಿಸಲಾಗುವುದು. ಇತರ ರಾಜ್ಯಗಳ ಹಣಕಾಸು ಸಚಿವರೊಂದಿಗೆ ಚರ್ಚಿಸಿ ಒಮ್ಮತದ ನಿಲುವು ತೆಗೆದುಕೊಳ್ಳಲಾಗುವುದು. ಕರ್ನಾಟಕ ಸೇರಿದಂತೆ ಹಲವು ರಾಜ್ಯಗಳು ಆದಾಯ ಖೋತಾ ಭರಿಸಲು ಕೇಂದ್ರದ ನೆರವು ಕೋರಿವೆ. ರಾಜ್ಯಗಳಿಗೆ ಪರಿಹಾರ ನೀಡುವ ವ್ಯವಸ್ಥೆ ಮುಂದುವರಿಸಬೇಕು ಎಂದು ಆಗ್ರಹಿಸಿದರು. ನಾವು ತೆರಿಗೆ ಸರಳೀಕರಣದ ಪರ ಇದ್ದೇವೆ. ಆದರೆ, ರಾಜ್ಯದ ಆದಾಯವನ್ನು ಕಾಪಾಡಬೇಕು. ಸಂವಿಧಾನದ 2/3 ಬಹುಮತ ಇರುವ ಕೇಂದ್ರ ಸರ್ಕಾರ ರಾಜ್ಯಗಳ ಹಿತ ಕಾಪಾಡಬೇಕು. ಕರ್ನಾಟಕ ಮಹತ್ವದ ರಾಜ್ಯ, ರಾಜ್ಯಗಳ ಹಣಕಾಸು ಸ್ವಾಯತ್ತತೆ ಕಾಪಾಡುವುದು ಅಗತ್ಯ ಎಂದು ವಿವರಿಸಿದರು.
